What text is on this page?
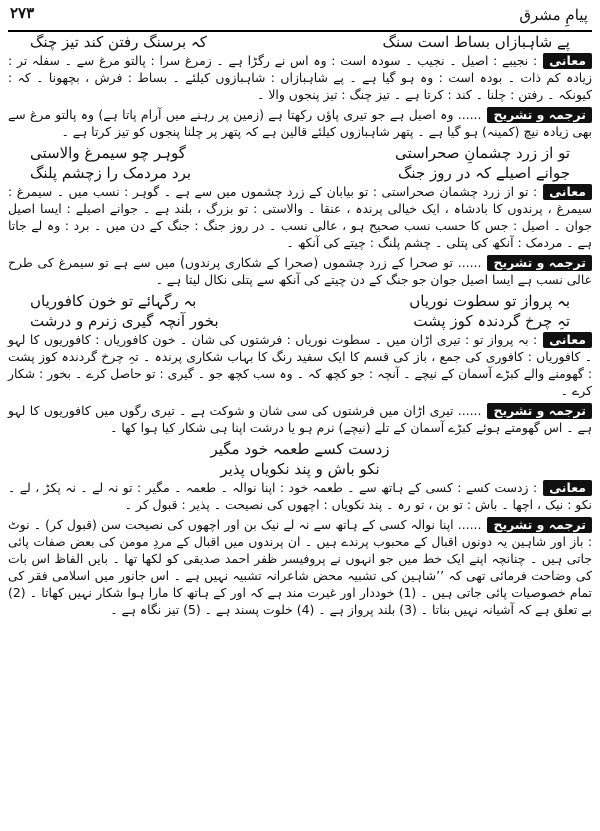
پیامِ مشرق
۲۷۳
پے شاہبازاں بساط است سنگ
کہ برسنگ رفتن کند تیز چنگ

معانی: نجیبے : اصیل ۔ نجیب ۔ سودہ است : وہ اس نے رگڑا ہے ۔ زمرغ سرا : پالتو مرغ سے ۔ سفلہ تر : زیادہ کم ذات ۔ بودہ است : وہ ہو گیا ہے ۔ پے شاہبازاں : شاہبازوں کیلئے ۔ بساط : فرش ، بچھونا ۔ کہ : کیونکہ ۔ رفتن : چلنا ۔ کند : کرتا ہے ۔ تیز چنگ : تیز پنجوں والا ۔

ترجمہ و تشریح...... وہ اصیل ہے جو تیری پاؤں رکھتا ہے (زمین پر رہنے میں آرام پاتا ہے) وہ پالتو مرغ سے بھی زیادہ نیچ (کمینہ) ہو گیا ہے ۔ پتھر شاہبازوں کیلئے قالین ہے کہ پتھر پر چلنا پنجوں کو تیز کرتا ہے ۔

تو از زرد چشمانِ صحراستی
گوہر چو سیمرغ والاستی
جوانے اصیلے کہ در روز جنگ
برد مردمک را زچشم پلنگ

معانی: تو از زرد چشمان صحراستی : تو بیابان کے زرد چشموں میں سے ہے ۔ گوہر : نسب میں ۔ سیمرغ : سیمرغ ، پرندوں کا بادشاہ ، ایک خیالی پرندہ ، عنقا ۔ والاستی : تو بزرگ ، بلند ہے ۔ جوانے اصیلے : ایسا اصیل جوان ۔ اصیل : جس کا حسب نسب صحیح ہو ، عالی نسب ۔ در روز جنگ : جنگ کے دن میں ۔ برد : وہ لے جاتا ہے ۔ مردمک : آنکھ کی پتلی ۔ چشم پلنگ : چیتے کی آنکھ ۔

ترجمہ و تشریح...... تو صحرا کے زرد چشموں (صحرا کے شکاری پرندوں) میں سے ہے تو سیمرغ کی طرح عالی نسب ہے ایسا اصیل جوان جو جنگ کے دن چیتے کی آنکھ سے پتلی نکال لیتا ہے ۔

بہ پرواز تو سطوت نوریاں
بہ رگہائے تو خون کافوریاں
تہِ چرخ گردندہ کوز پشت
بخور آنچہ گیری زنرم و درشت

معانی: بہ پرواز تو : تیری اڑان میں ۔ سطوت نوریاں : فرشتوں کی شان ۔ خون کافوریاں : کافوریوں کا لہو ۔ کافوریاں : کافوری کی جمع ، باز کی قسم کا ایک سفید رنگ کا بہاب شکاری پرندہ ۔ تہِ چرخ گردندہ کوز پشت : گھومنے والے کبڑے آسمان کے نیچے ۔ آنچہ : جو کچھ کہ ۔ وہ سب کچھ جو ۔ گیری : تو حاصل کرے ۔ بخور : شکار کرے ۔

ترجمہ و تشریح...... تیری اڑان میں فرشتوں کی سی شان و شوکت ہے ۔ تیری رگوں میں کافوریوں کا لہو ہے ۔ اس گھومتے ہوئے کبڑے آسمان کے تلے (نیچے) نرم ہو یا درشت اپنا ہی شکار کیا ہوا کھا ۔

زدست کسے طعمہ خود مگیر
نکو باش و پند نکویاں پذیر

معانی: زدست کسے : کسی کے ہاتھ سے ۔ طعمہ خود : اپنا نوالہ ۔ طعمہ ۔ مگیر : تو نہ لے ۔ نہ پکڑ ، لے ۔ نکو : نیک ، اچھا ۔ باش : تو بن ، تو رہ ۔ پند نکویاں : اچھوں کی نصیحت ۔ پذیر : قبول کر ۔

ترجمہ و تشریح...... اپنا نوالہ کسی کے ہاتھ سے نہ لے نیک بن اور اچھوں کی نصیحت سن (قبول کر) ۔ نوٹ : باز اور شاہین یہ دونوں اقبال کے محبوب پرندے ہیں ۔ ان پرندوں میں اقبال کے مردِ مومن کی بعض صفات پائی جاتی ہیں ۔ چنانچہ اپنے ایک خط میں جو انہوں نے پروفیسر ظفر احمد صدیقی کو لکھا تھا ۔ بایں الفاظ اس بات کی وضاحت فرمائی تھی کہ ’’شاہین کی تشبیہ محض شاعرانہ تشبیہ نہیں ہے ۔ اس جانور میں اسلامی فقر کی تمام خصوصیات پائی جاتی ہیں ۔ (1) خوددار اور غیرت مند ہے کہ اور کے ہاتھ کا مارا ہوا شکار نہیں کھاتا ۔ (2) بے تعلق ہے کہ آشیانہ نہیں بناتا ۔ (3) بلند پرواز ہے ۔ (4) خلوت پسند ہے ۔ (5) تیز نگاہ ہے ۔
